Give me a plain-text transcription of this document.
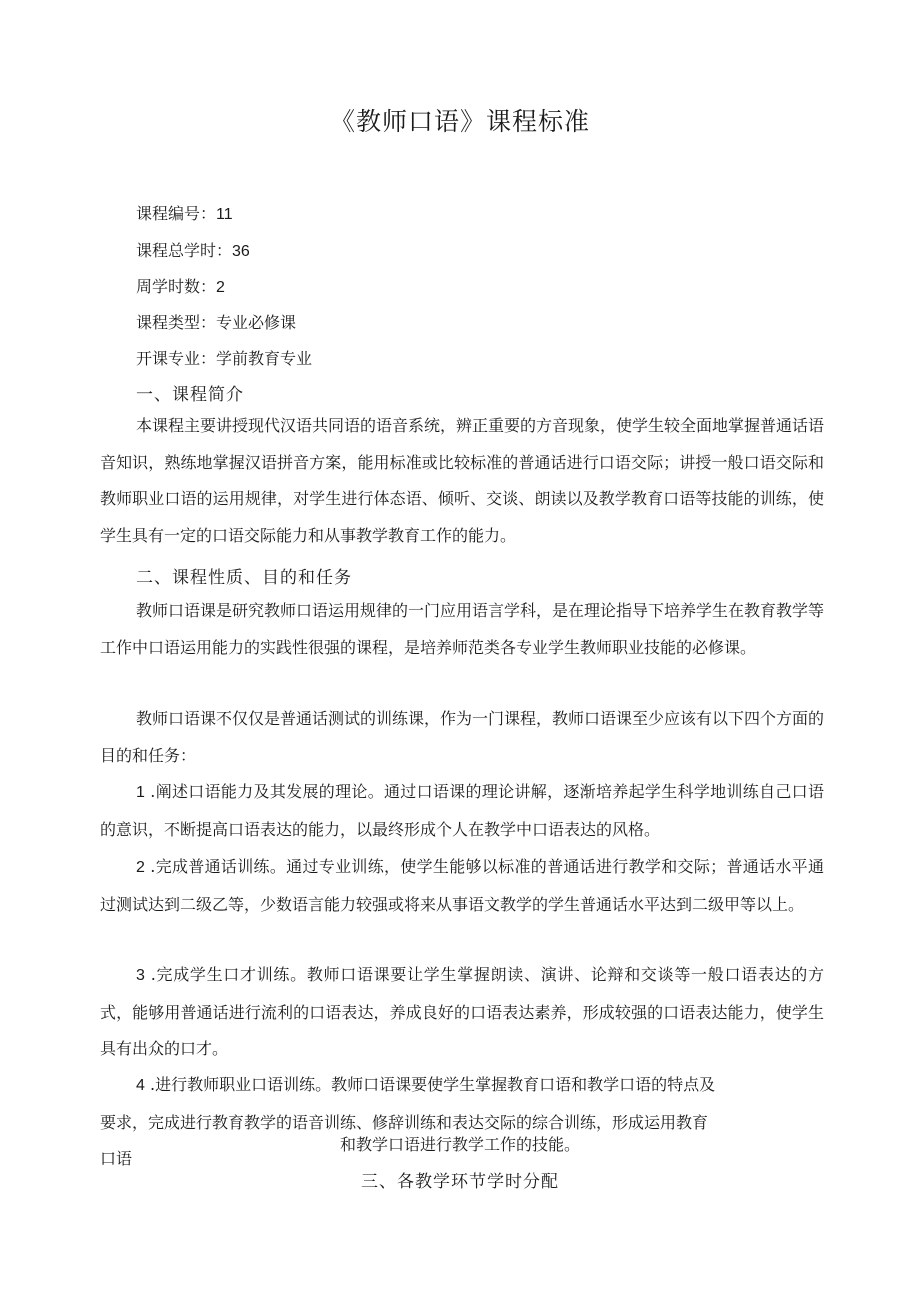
《教师口语》课程标准
课程编号：11
课程总学时：36
周学时数：2
课程类型：专业必修课
开课专业：学前教育专业
一、课程简介
本课程主要讲授现代汉语共同语的语音系统，辨正重要的方音现象，使学生较全面地掌握普通话语音知识，熟练地掌握汉语拼音方案，能用标准或比较标准的普通话进行口语交际；讲授一般口语交际和教师职业口语的运用规律，对学生进行体态语、倾听、交谈、朗读以及教学教育口语等技能的训练，使学生具有一定的口语交际能力和从事教学教育工作的能力。
二、课程性质、目的和任务
教师口语课是研究教师口语运用规律的一门应用语言学科，是在理论指导下培养学生在教育教学等工作中口语运用能力的实践性很强的课程，是培养师范类各专业学生教师职业技能的必修课。
教师口语课不仅仅是普通话测试的训练课，作为一门课程，教师口语课至少应该有以下四个方面的目的和任务：
1 .阐述口语能力及其发展的理论。通过口语课的理论讲解，逐渐培养起学生科学地训练自己口语的意识，不断提高口语表达的能力，以最终形成个人在教学中口语表达的风格。
2 .完成普通话训练。通过专业训练，使学生能够以标准的普通话进行教学和交际；普通话水平通过测试达到二级乙等，少数语言能力较强或将来从事语文教学的学生普通话水平达到二级甲等以上。
3 .完成学生口才训练。教师口语课要让学生掌握朗读、演讲、论辩和交谈等一般口语表达的方式，能够用普通话进行流利的口语表达，养成良好的口语表达素养，形成较强的口语表达能力，使学生具有出众的口才。
4 .进行教师职业口语训练。教师口语课要使学生掌握教育口语和教学口语的特点及要求，完成进行教育教学的语音训练、修辞训练和表达交际的综合训练，形成运用教育口语
和教学口语进行教学工作的技能。
三、各教学环节学时分配
